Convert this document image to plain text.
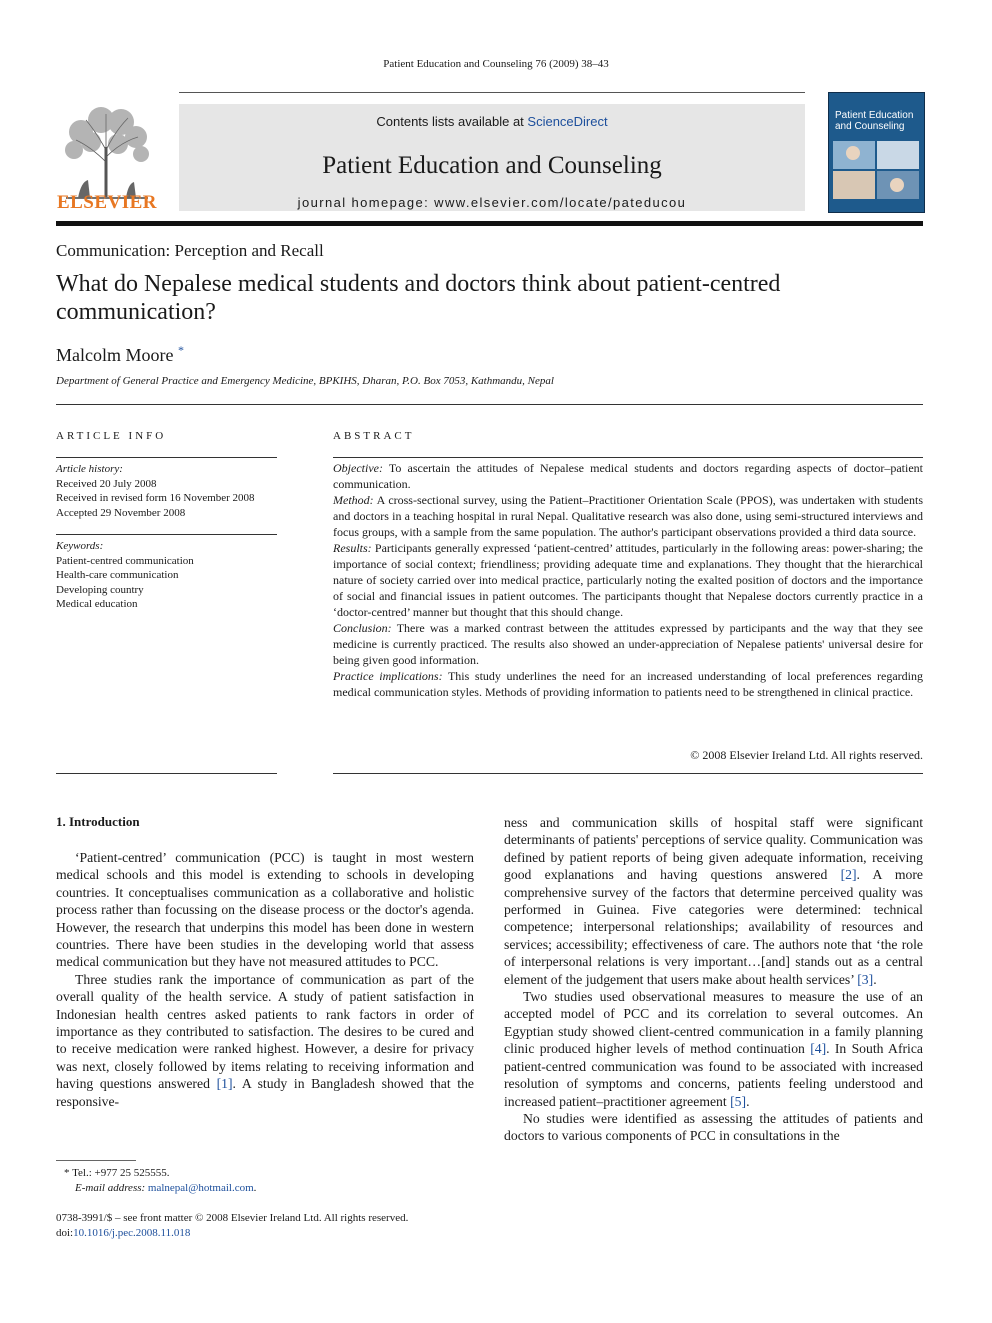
Patient Education and Counseling 76 (2009) 38–43
ELSEVIER
Contents lists available at ScienceDirect
Patient Education and Counseling
journal homepage: www.elsevier.com/locate/pateducou
Patient Education and Counseling
Communication: Perception and Recall
What do Nepalese medical students and doctors think about patient-centred communication?
Malcolm Moore *
Department of General Practice and Emergency Medicine, BPKIHS, Dharan, P.O. Box 7053, Kathmandu, Nepal
ARTICLE INFO
Article history:
Received 20 July 2008
Received in revised form 16 November 2008
Accepted 29 November 2008
Keywords:
Patient-centred communication
Health-care communication
Developing country
Medical education
ABSTRACT

Objective: To ascertain the attitudes of Nepalese medical students and doctors regarding aspects of doctor–patient communication.

Method: A cross-sectional survey, using the Patient–Practitioner Orientation Scale (PPOS), was undertaken with students and doctors in a teaching hospital in rural Nepal. Qualitative research was also done, using semi-structured interviews and focus groups, with a sample from the same population. The author's participant observations provided a third data source.

Results: Participants generally expressed ‘patient-centred’ attitudes, particularly in the following areas: power-sharing; the importance of social context; friendliness; providing adequate time and explanations. They thought that the hierarchical nature of society carried over into medical practice, particularly noting the exalted position of doctors and the importance of social and financial issues in patient outcomes. The participants thought that Nepalese doctors currently practice in a ‘doctor-centred’ manner but thought that this should change.

Conclusion: There was a marked contrast between the attitudes expressed by participants and the way that they see medicine is currently practiced. The results also showed an under-appreciation of Nepalese patients' universal desire for being given good information.

Practice implications: This study underlines the need for an increased understanding of local preferences regarding medical communication styles. Methods of providing information to patients need to be strengthened in clinical practice.

© 2008 Elsevier Ireland Ltd. All rights reserved.
1. Introduction

‘Patient-centred’ communication (PCC) is taught in most western medical schools and this model is extending to schools in developing countries. It conceptualises communication as a collaborative and holistic process rather than focussing on the disease process or the doctor's agenda. However, the research that underpins this model has been done in western countries. There have been studies in the developing world that assess medical communication but they have not measured attitudes to PCC.

Three studies rank the importance of communication as part of the overall quality of the health service. A study of patient satisfaction in Indonesian health centres asked patients to rank factors in order of importance as they contributed to satisfaction. The desires to be cured and to receive medication were ranked highest. However, a desire for privacy was next, closely followed by items relating to receiving information and having questions answered [1]. A study in Bangladesh showed that the responsive-

ness and communication skills of hospital staff were significant determinants of patients' perceptions of service quality. Communication was defined by patient reports of being given adequate information, receiving good explanations and having questions answered [2]. A more comprehensive survey of the factors that determine perceived quality was performed in Guinea. Five categories were determined: technical competence; interpersonal relationships; availability of resources and services; accessibility; effectiveness of care. The authors note that ‘the role of interpersonal relations is very important…[and] stands out as a central element of the judgement that users make about health services’ [3].

Two studies used observational measures to measure the use of an accepted model of PCC and its correlation to several outcomes. An Egyptian study showed client-centred communication in a family planning clinic produced higher levels of method continuation [4]. In South Africa patient-centred communication was found to be associated with increased resolution of symptoms and concerns, patients feeling understood and increased patient–practitioner agreement [5].

No studies were identified as assessing the attitudes of patients and doctors to various components of PCC in consultations in the

* Tel.: +977 25 525555.
E-mail address: malnepal@hotmail.com.
0738-3991/$ – see front matter © 2008 Elsevier Ireland Ltd. All rights reserved.
doi:10.1016/j.pec.2008.11.018
